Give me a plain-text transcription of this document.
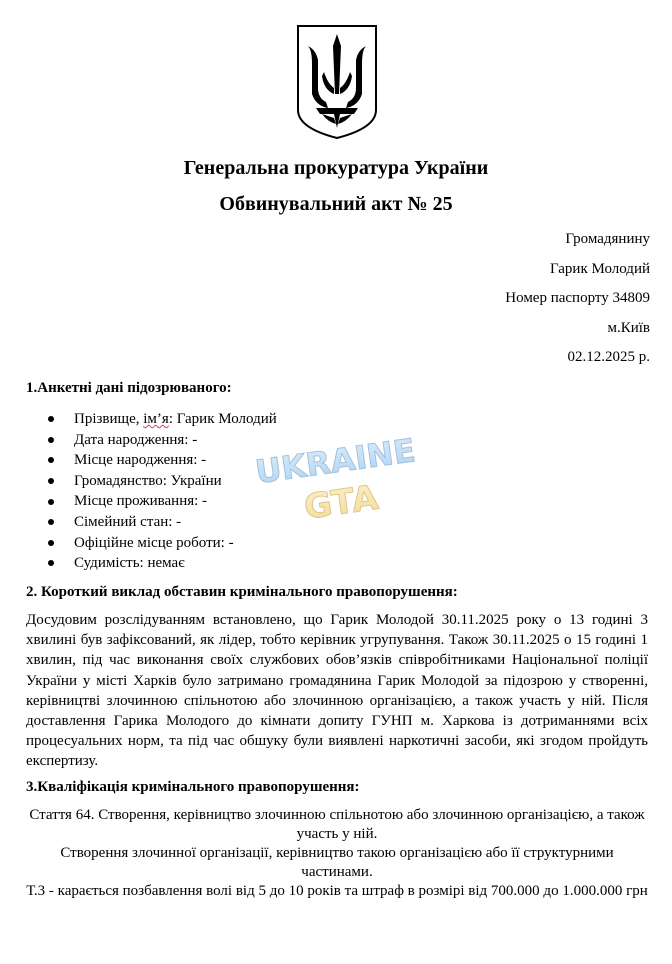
Генеральна прокуратура України
Обвинувальний акт № 25
Громадянину
Гарик Молодий
Номер паспорту 34809
м.Київ
02.12.2025 р.
1.Анкетні дані підозрюваного:
Прізвище, ім’я: Гарик Молодий
Дата народження: -
Місце народження: -
Громадянство: України
Місце проживання: -
Сімейний стан: -
Офіційне місце роботи: -
Судимість: немає
UKRAINE
GTA
2. Короткий виклад обставин кримінального правопорушення:

Досудовим розслідуванням встановлено, що Гарик Молодой 30.11.2025 року о 13 годині 3 хвилині був зафіксований, як лідер, тобто керівник угрупування. Також 30.11.2025 о 15 годині 1 хвилин, під час виконання своїх службових обов’язків співробітниками Національної поліції України у місті Харків було затримано громадянина Гарик Молодой за підозрою у створенні, керівництві злочинною спільнотою або злочинною організацією, а також участь у ній. Після доставлення Гарика Молодого до кімнати допиту ГУНП м. Харкова із дотриманнями всіх процесуальних норм, та під час обшуку були виявлені наркотичні засоби, які згодом пройдуть експертизу.

3.Кваліфікація кримінального правопорушення:

Стаття 64. Створення, керівництво злочинною спільнотою або злочинною організацією, а також участь у ній.

Створення злочинної організації, керівництво такою організацією або її структурними частинами.

Т.3 - карається позбавлення волі від 5 до 10 років та штраф в розмірі від 700.000 до 1.000.000 грн
